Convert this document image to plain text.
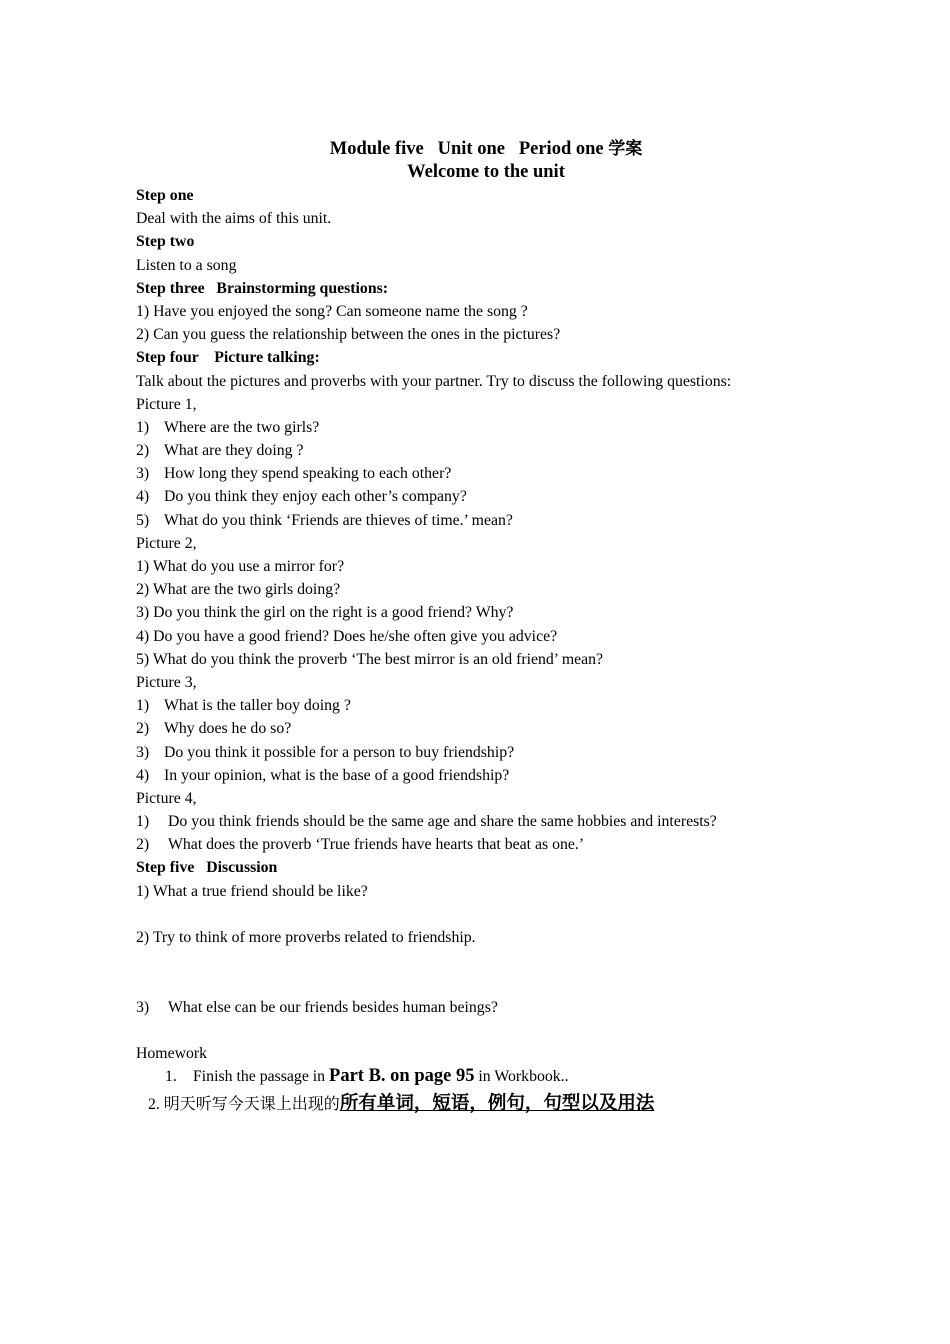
Module five   Unit one   Period one 学案
Welcome to the unit
Step one
Deal with the aims of this unit.
Step two
Listen to a song
Step three   Brainstorming questions:
1) Have you enjoyed the song? Can someone name the song ?
2) Can you guess the relationship between the ones in the pictures?
Step four    Picture talking:
Talk about the pictures and proverbs with your partner. Try to discuss the following questions:
Picture 1,
1) Where are the two girls?
2) What are they doing ?
3) How long they spend speaking to each other?
4) Do you think they enjoy each other’s company?
5) What do you think ‘Friends are thieves of time.’ mean?
Picture 2,
1) What do you use a mirror for?
2) What are the two girls doing?
3) Do you think the girl on the right is a good friend? Why?
4) Do you have a good friend? Does he/she often give you advice?
5) What do you think the proverb ‘The best mirror is an old friend’ mean?
Picture 3,
1) What is the taller boy doing ?
2) Why does he do so?
3) Do you think it possible for a person to buy friendship?
4) In your opinion, what is the base of a good friendship?
Picture 4,
1) Do you think friends should be the same age and share the same hobbies and interests?
2) What does the proverb ‘True friends have hearts that beat as one.’
Step five   Discussion
1) What a true friend should be like?
2) Try to think of more proverbs related to friendship.
3) What else can be our friends besides human beings?
Homework
1. Finish the passage in Part B. on page 95 in Workbook..
2. 明天听写今天课上出现的所有单词，短语，例句，句型以及用法
